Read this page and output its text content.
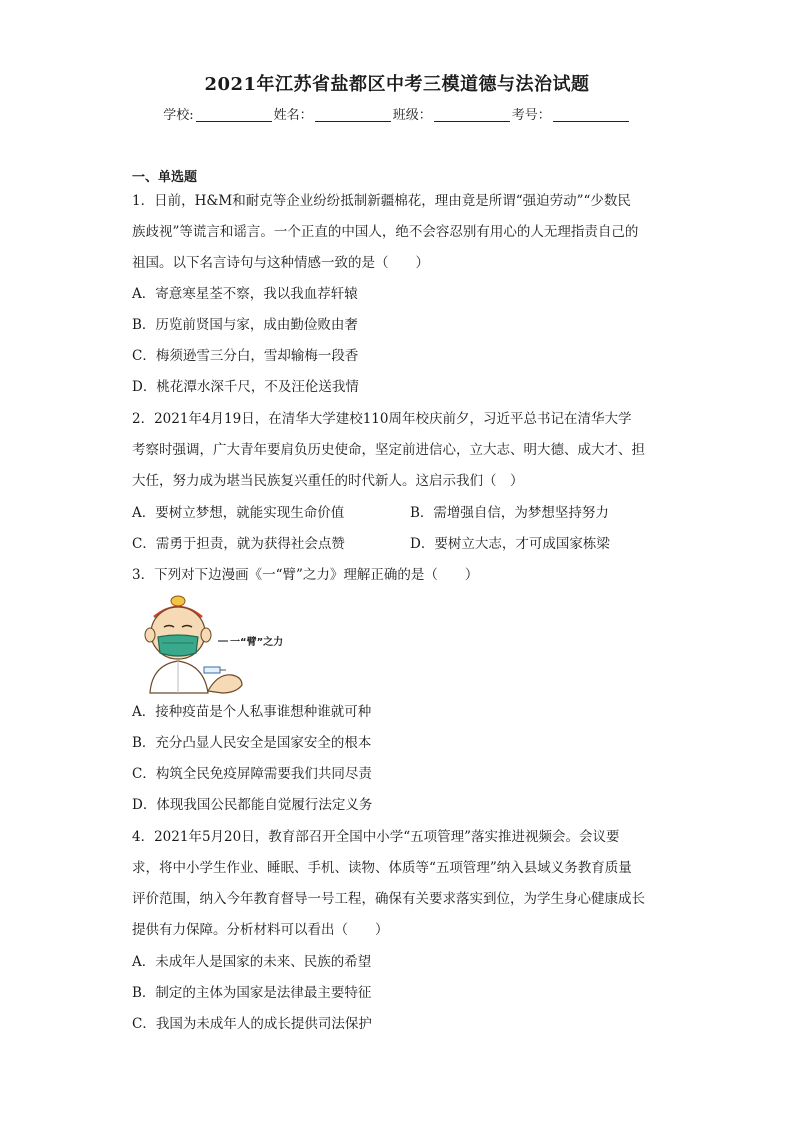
2021年江苏省盐都区中考三模道德与法治试题
学校:	姓名：	班级：	考号：
一、单选题
1．日前，H&M和耐克等企业纷纷抵制新疆棉花，理由竟是所谓“强迫劳动”“少数民
族歧视”等谎言和谣言。一个正直的中国人，绝不会容忍别有用心的人无理指责自己的
祖国。以下名言诗句与这种情感一致的是（　　）
A．寄意寒星荃不察，我以我血荐轩辕
B．历览前贤国与家，成由勤俭败由奢
C．梅须逊雪三分白，雪却输梅一段香
D．桃花潭水深千尺，不及汪伦送我情
2．2021年4月19日，在清华大学建校110周年校庆前夕，习近平总书记在清华大学
考察时强调，广大青年要肩负历史使命，坚定前进信心，立大志、明大德、成大才、担
大任，努力成为堪当民族复兴重任的时代新人。这启示我们（　）
A．要树立梦想，就能实现生命价值	B．需增强自信，为梦想坚持努力
C．需勇于担责，就为获得社会点赞	D．要树立大志，才可成国家栋梁
3．下列对下边漫画《一“臂”之力》理解正确的是（　　）
一“臂”之力
A．接种疫苗是个人私事谁想种谁就可种
B．充分凸显人民安全是国家安全的根本
C．构筑全民免疫屏障需要我们共同尽责
D．体现我国公民都能自觉履行法定义务
4．2021年5月20日，教育部召开全国中小学“五项管理”落实推进视频会。会议要
求，将中小学生作业、睡眠、手机、读物、体质等“五项管理”纳入县域义务教育质量
评价范围，纳入今年教育督导一号工程，确保有关要求落实到位，为学生身心健康成长
提供有力保障。分析材料可以看出（　　）
A．未成年人是国家的未来、民族的希望
B．制定的主体为国家是法律最主要特征
C．我国为未成年人的成长提供司法保护
